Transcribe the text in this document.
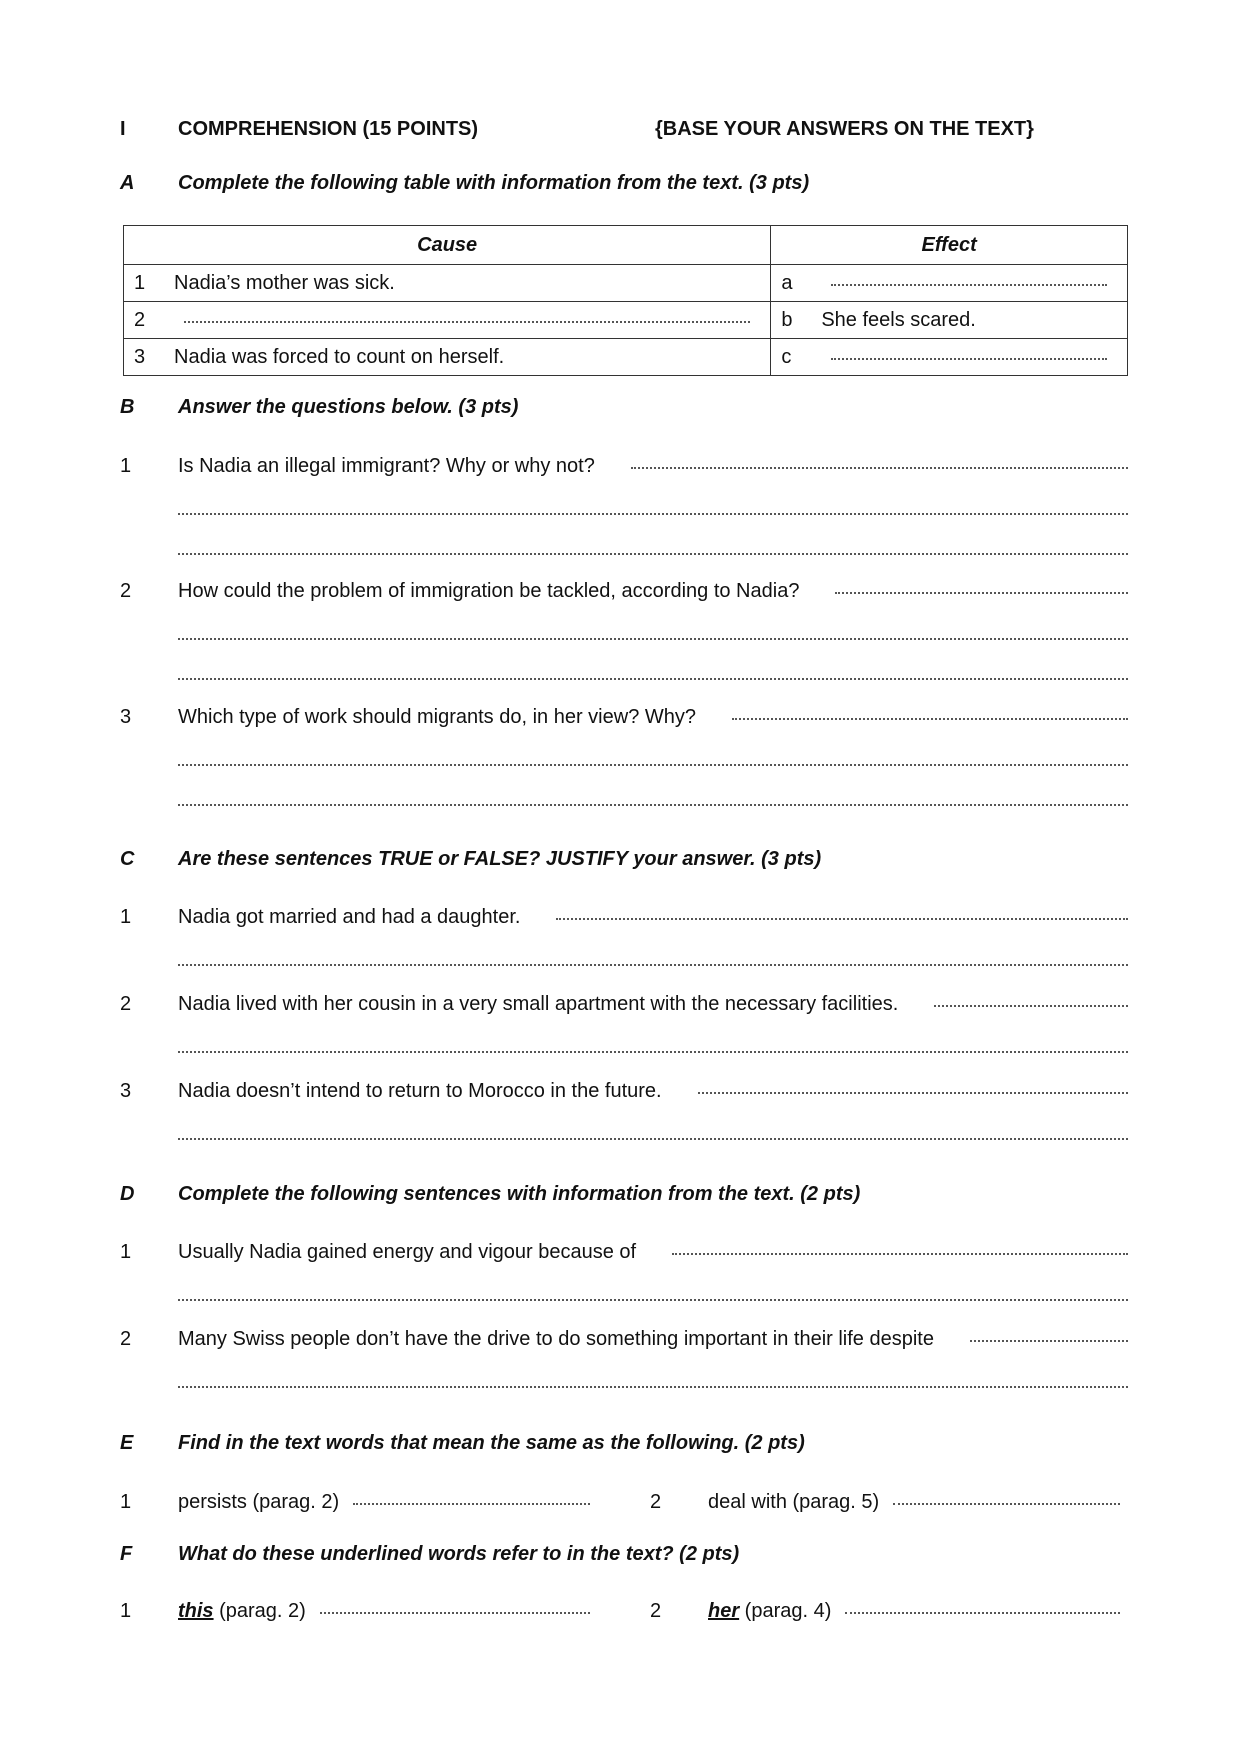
I	COMPREHENSION (15 POINTS)	{BASE YOUR ANSWERS ON THE TEXT}
A	Complete the following table with information from the text. (3 pts)
Cause	Effect
1 Nadia’s mother was sick.	a

2	b She feels scared.
3 Nadia was forced to count on herself.	c
B	Answer the questions below. (3 pts)
1	Is Nadia an illegal immigrant? Why or why not?
2	How could the problem of immigration be tackled, according to Nadia?
3	Which type of work should migrants do, in her view? Why?
C	Are these sentences TRUE or FALSE? JUSTIFY your answer. (3 pts)
1	Nadia got married and had a daughter.
2	Nadia lived with her cousin in a very small apartment with the necessary facilities.
3	Nadia doesn’t intend to return to Morocco in the future.
D	Complete the following sentences with information from the text. (2 pts)
1	Usually Nadia gained energy and vigour because of
2	Many Swiss people don’t have the drive to do something important in their life despite
E	Find in the text words that mean the same as the following. (2 pts)
1	persists (parag. 2)	2	deal with (parag. 5)
F	What do these underlined words refer to in the text? (2 pts)
1	this (parag. 2)	2	her (parag. 4)
